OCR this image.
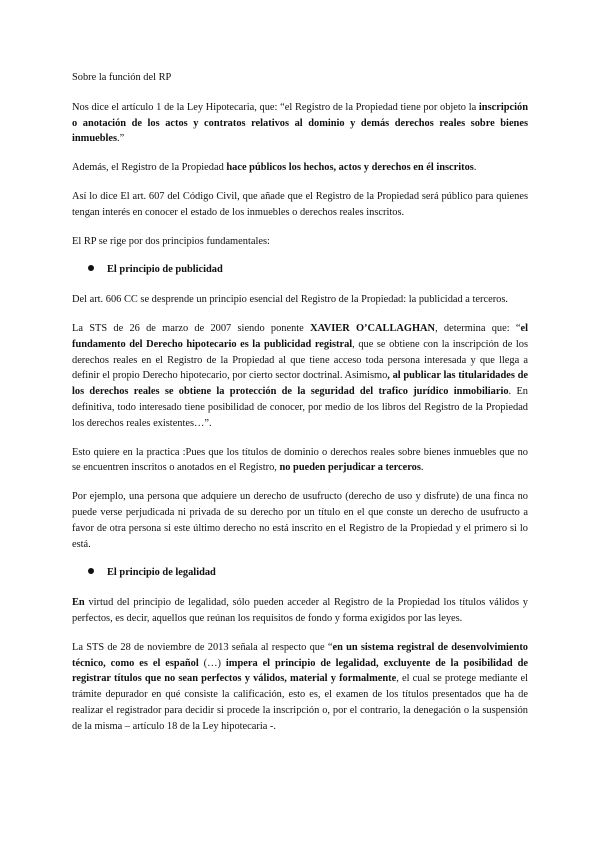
Sobre la función del RP

Nos dice el artículo 1 de la Ley Hipotecaria, que: “el Registro de la Propiedad tiene por objeto la inscripción o anotación de los actos y contratos relativos al dominio y demás derechos reales sobre bienes inmuebles.”

Además, el Registro de la Propiedad hace públicos los hechos, actos y derechos en él inscritos.

Así lo dice El art. 607 del Código Civil, que añade que el Registro de la Propiedad será público para quienes tengan interés en conocer el estado de los inmuebles o derechos reales inscritos.

El RP se rige por dos principios fundamentales:

El principio de publicidad

Del art. 606 CC se desprende un principio esencial del Registro de la Propiedad: la publicidad a terceros.

La STS de 26 de marzo de 2007 siendo ponente XAVIER O’CALLAGHAN, determina que: “el fundamento del Derecho hipotecario es la publicidad registral, que se obtiene con la inscripción de los derechos reales en el Registro de la Propiedad al que tiene acceso toda persona interesada y que llega a definir el propio Derecho hipotecario, por cierto sector doctrinal. Asimismo, al publicar las titularidades de los derechos reales se obtiene la protección de la seguridad del trafico jurídico inmobiliario. En definitiva, todo interesado tiene posibilidad de conocer, por medio de los libros del Registro de la Propiedad los derechos reales existentes…”.

Esto quiere en la practica :Pues que los títulos de dominio o derechos reales sobre bienes inmuebles que no se encuentren inscritos o anotados en el Registro, no pueden perjudicar a terceros.

Por ejemplo, una persona que adquiere un derecho de usufructo (derecho de uso y disfrute) de una finca no puede verse perjudicada ni privada de su derecho por un título en el que conste un derecho de usufructo a favor de otra persona si este último derecho no está inscrito en el Registro de la Propiedad y el primero si lo está.

El principio de legalidad

En virtud del principio de legalidad, sólo pueden acceder al Registro de la Propiedad los títulos válidos y perfectos, es decir, aquellos que reúnan los requisitos de fondo y forma exigidos por las leyes.

La STS de 28 de noviembre de 2013 señala al respecto que “en un sistema registral de desenvolvimiento técnico, como es el español (…) impera el principio de legalidad, excluyente de la posibilidad de registrar títulos que no sean perfectos y válidos, material y formalmente, el cual se protege mediante el trámite depurador en qué consiste la calificación, esto es, el examen de los títulos presentados que ha de realizar el registrador para decidir si procede la inscripción o, por el contrario, la denegación o la suspensión de la misma – artículo 18 de la Ley hipotecaria -.
